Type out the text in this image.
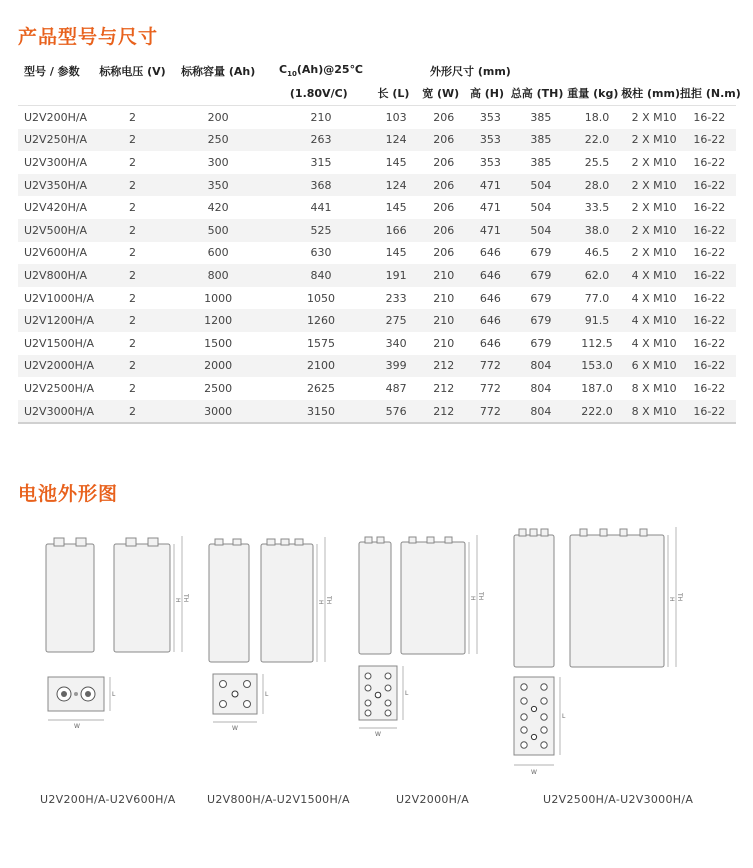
产品型号与尺寸
型号 / 参数	标称电压 (V)	标称容量 (Ah)	$C_{10}(Ah)@25℃$	外形尺寸 (mm)
(1.80V/C)	长 (L)	宽 (W) 高 (H) 总高 (TH) 重量 (kg) 极柱 (mm) 扭拒 (N.m)
U2V200H/A	2	200	210	103	206	353	385	18.0	2 X M10	16-22
U2V250H/A	2	250	263	124	206	353	385	22.0	2 X M10	16-22
U2V300H/A	2	300	315	145	206	353	385	25.5	2 X M10	16-22
U2V350H/A	2	350	368	124	206	471	504	28.0	2 X M10	16-22
U2V420H/A	2	420	441	145	206	471	504	33.5	2 X M10	16-22
U2V500H/A	2	500	525	166	206	471	504	38.0	2 X M10	16-22
U2V600H/A	2	600	630	145	206	646	679	46.5	2 X M10	16-22
U2V800H/A	2	800	840	191	210	646	679	62.0	4 X M10	16-22
U2V1000H/A	2	1000	1050	233	210	646	679	77.0	4 X M10	16-22
U2V1200H/A	2	1200	1260	275	210	646	679	91.5	4 X M10	16-22
U2V1500H/A	2	1500	1575	340	210	646	679	112.5	4 X M10	16-22
U2V2000H/A	2	2000	2100	399	212	772	804	153.0	6 X M10	16-22
U2V2500H/A	2	2500	2625	487	212	772	804	187.0	8 X M10	16-22
U2V3000H/A	2	3000	3150	576	212	772	804	222.0	8 X M10	16-22
电池外形图
H TH
W
L
H TH
W
L
H TH
W
L
H TH
W
L
U2V200H/A-U2V600H/A	U2V800H/A-U2V1500H/A	U2V2000H/A	U2V2500H/A-U2V3000H/A
